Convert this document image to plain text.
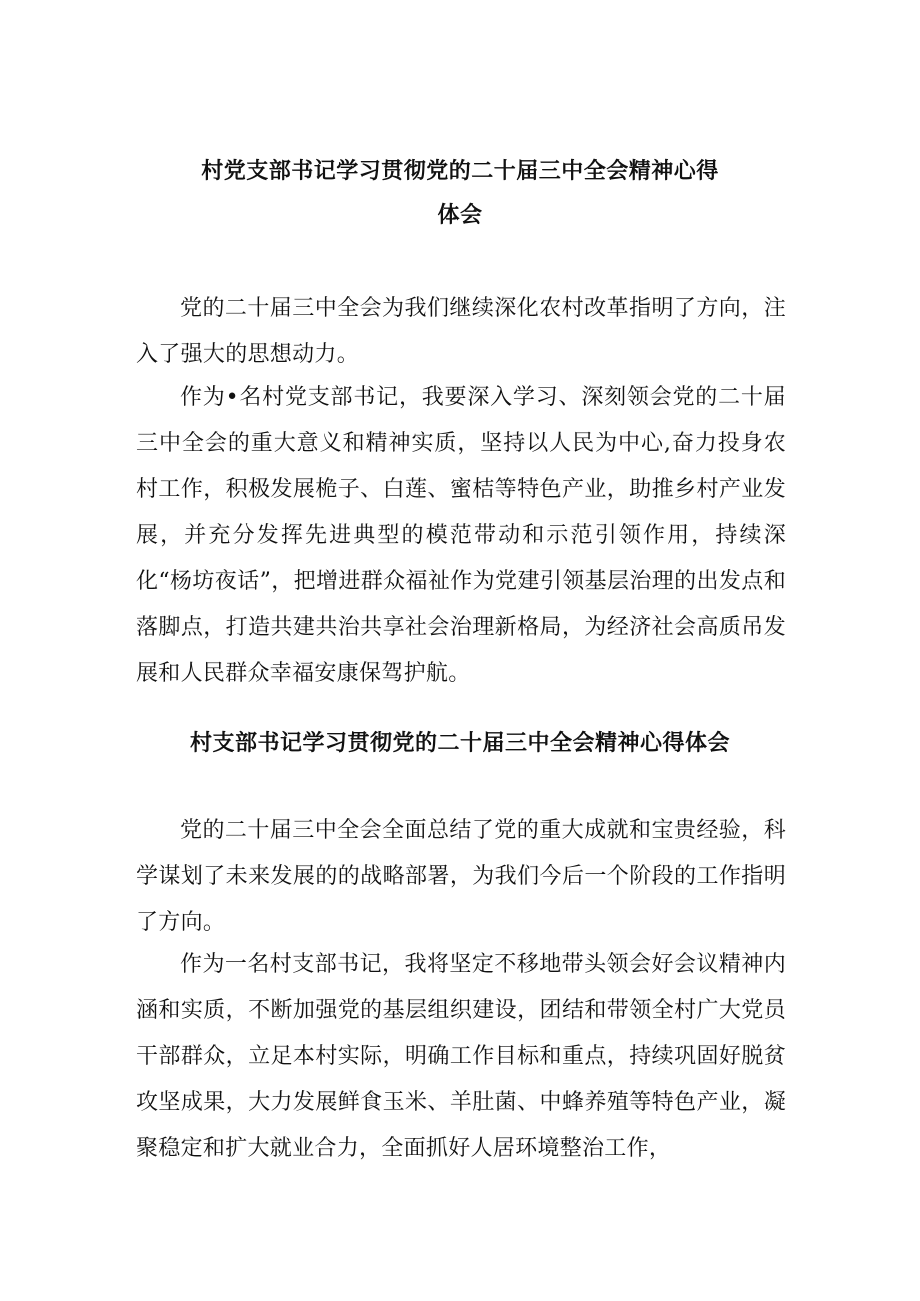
村党支部书记学习贯彻党的二十届三中全会精神心得
体会

党的二十届三中全会为我们继续深化农村改革指明了方向，注入了强大的思想动力。

作为•名村党支部书记，我要深入学习、深刻领会党的二十届三中全会的重大意义和精神实质，坚持以人民为中心,奋力投身农村工作，积极发展桅子、白莲、蜜桔等特色产业，助推乡村产业发展，并充分发挥先进典型的模范带动和示范引领作用，持续深化“杨坊夜话”，把增进群众福祉作为党建引领基层治理的出发点和落脚点，打造共建共治共享社会治理新格局，为经济社会高质吊发展和人民群众幸福安康保驾护航。

村支部书记学习贯彻党的二十届三中全会精神心得体会

党的二十届三中全会全面总结了党的重大成就和宝贵经验，科学谋划了未来发展的的战略部署，为我们今后一个阶段的工作指明了方向。

作为一名村支部书记，我将坚定不移地带头领会好会议精神内涵和实质，不断加强党的基层组织建设，团结和带领全村广大党员干部群众，立足本村实际，明确工作目标和重点，持续巩固好脱贫攻坚成果，大力发展鲜食玉米、羊肚菌、中蜂养殖等特色产业，凝聚稳定和扩大就业合力，全面抓好人居环境整治工作，
